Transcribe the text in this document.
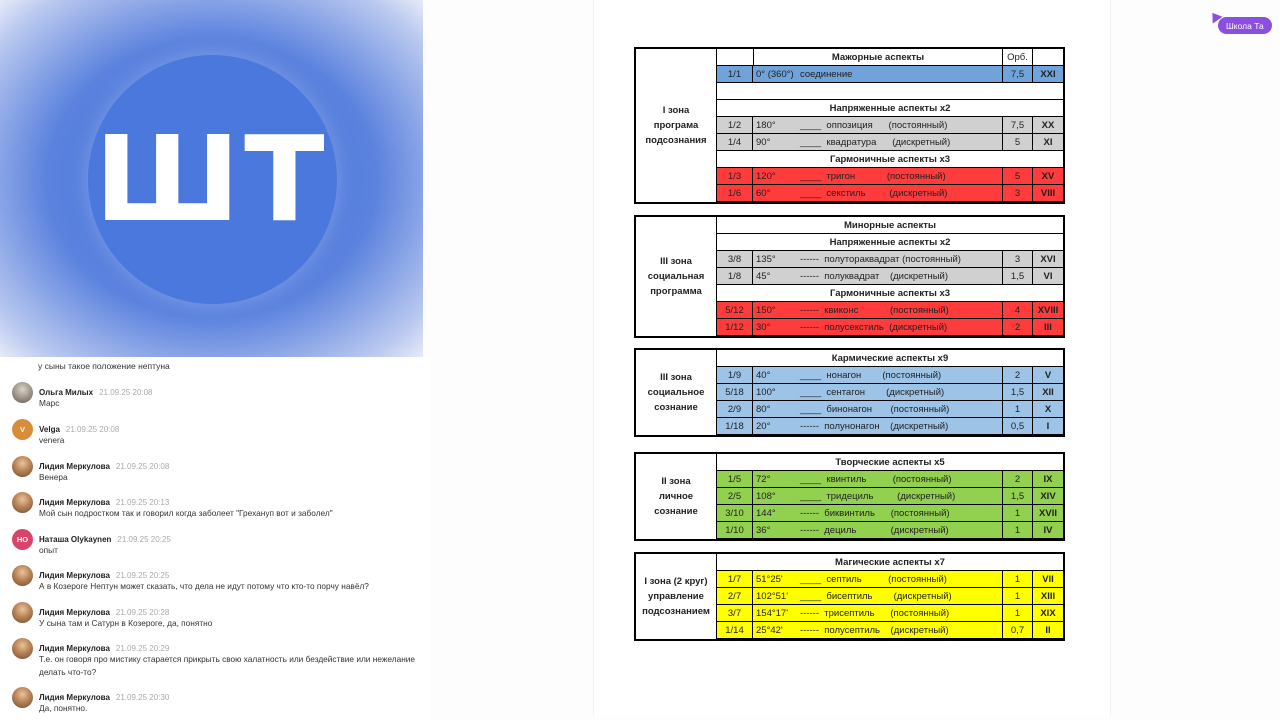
ШТ
у сыны такое положение нептуна
Ольга Милых 21.09.25 20:08
Марс
V	Velga 21.09.25 20:08
venera
Лидия Меркулова 21.09.25 20:08
Венера
Лидия Меркулова 21.09.25 20:13
Мой сын подростком так и говорил когда заболеет "Грехануп вот и заболел"
НО	Наташа Olykaynen 21.09.25 20:25
опыт
Лидия Меркулова 21.09.25 20:25
А в Козероге Нептун может сказать, что дела не идут потому что кто-то порчу навёл?
Лидия Меркулова 21.09.25 20:28
У сына там и Сатурн в Козероге, да, понятно
Лидия Меркулова 21.09.25 20:29
Т.е. он говоря про мистику старается прикрыть свою халатность или бездействие или нежелание делать что-то?
Лидия Меркулова 21.09.25 20:30
Да, понятно.
I зона
програма
подсознания
Мажорные аспекты	Орб.
1/1	0° (360°) соединение	7,5	XXI
Напряженные аспекты х2
1/2	180°	____  оппозиция      (постоянный)	7,5	XX
1/4	90°	____  квадратура      (дискретный)	5	XI
Гармоничные аспекты х3
1/3	120°	____  тригон            (постоянный)	5	XV
1/6	60°	____  секстиль         (дискретный)	3	VIII
III зона
социальная
программа
Минорные аспекты
Напряженные аспекты х2
3/8	135°	------  полутораквадрат (постоянный)	3	XVI
1/8	45°	------  полуквадрат    (дискретный)	1,5	VI
Гармоничные аспекты х3
5/12	150°	------  квиконс            (постоянный)	4	XVIII
1/12	30°	------  полусекстиль  (дискретный)	2	III
III зона
социальное
сознание
Кармические аспекты х9
1/9	40°	____  нонагон        (постоянный)	2	V
5/18	100°	____  сентагон        (дискретный)	1,5	XII
2/9	80°	____  бинонагон       (постоянный)	1	X
1/18	20°	------  полунонагон    (дискретный)	0,5	I
II зона
личное
сознание
Творческие аспекты х5
1/5	72°	____  квинтиль          (постоянный)	2	IX
2/5	108°	____  тридециль         (дискретный)	1,5	XIV
3/10	144°	------  биквинтиль      (постоянный)	1	XVII
1/10	36°	------  дециль             (дискретный)	1	IV
I зона (2 круг)
управление
подсознанием
Магические аспекты х7
1/7	51°25'	____  септиль          (постоянный)	1	VII
2/7	102°51'	____  бисептиль        (дискретный)	1	XIII
3/7	154°17'	------  трисептиль      (постоянный)	1	XIX
1/14	25°42'	------  полусептиль    (дискретный)	0,7	II
Школа Та
